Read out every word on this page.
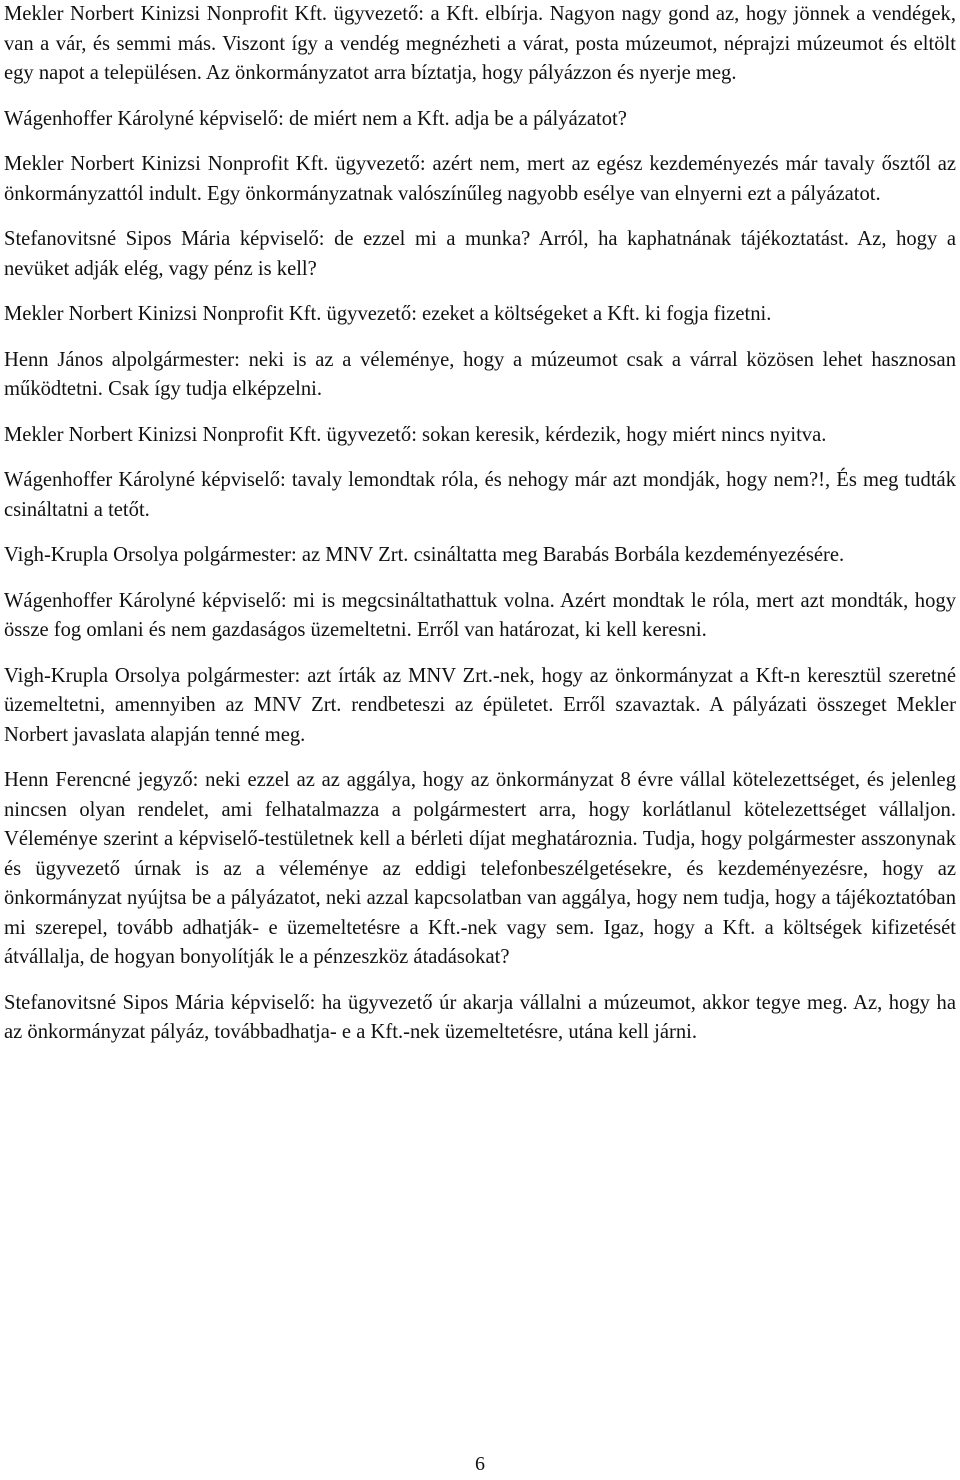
Mekler Norbert Kinizsi Nonprofit Kft. ügyvezető: a Kft. elbírja. Nagyon nagy gond az, hogy jönnek a vendégek, van a vár, és semmi más. Viszont így a vendég megnézheti a várat, posta múzeumot, néprajzi múzeumot és eltölt egy napot a településen. Az önkormányzatot arra bíztatja, hogy pályázzon és nyerje meg.

Wágenhoffer Károlyné képviselő: de miért nem a Kft. adja be a pályázatot?

Mekler Norbert Kinizsi Nonprofit Kft. ügyvezető: azért nem, mert az egész kezdeményezés már tavaly ősztől az önkormányzattól indult. Egy önkormányzatnak valószínűleg nagyobb esélye van elnyerni ezt a pályázatot.

Stefanovitsné Sipos Mária képviselő: de ezzel mi a munka? Arról, ha kaphatnának tájékoztatást. Az, hogy a nevüket adják elég, vagy pénz is kell?

Mekler Norbert Kinizsi Nonprofit Kft. ügyvezető: ezeket a költségeket a Kft. ki fogja fizetni.

Henn János alpolgármester: neki is az a véleménye, hogy a múzeumot csak a várral közösen lehet hasznosan működtetni. Csak így tudja elképzelni.

Mekler Norbert Kinizsi Nonprofit Kft. ügyvezető: sokan keresik, kérdezik, hogy miért nincs nyitva.

Wágenhoffer Károlyné képviselő: tavaly lemondtak róla, és nehogy már azt mondják, hogy nem?!, És meg tudták csináltatni a tetőt.

Vigh-Krupla Orsolya polgármester: az MNV Zrt. csináltatta meg Barabás Borbála kezdeményezésére.

Wágenhoffer Károlyné képviselő: mi is megcsináltathattuk volna. Azért mondtak le róla, mert azt mondták, hogy össze fog omlani és nem gazdaságos üzemeltetni. Erről van határozat, ki kell keresni.

Vigh-Krupla Orsolya polgármester: azt írták az MNV Zrt.-nek, hogy az önkormányzat a Kft-n keresztül szeretné üzemeltetni, amennyiben az MNV Zrt. rendbeteszi az épületet. Erről szavaztak. A pályázati összeget Mekler Norbert javaslata alapján tenné meg.

Henn Ferencné jegyző: neki ezzel az az aggálya, hogy az önkormányzat 8 évre vállal kötelezettséget, és jelenleg nincsen olyan rendelet, ami felhatalmazza a polgármestert arra, hogy korlátlanul kötelezettséget vállaljon. Véleménye szerint a képviselő-testületnek kell a bérleti díjat meghatároznia. Tudja, hogy polgármester asszonynak és ügyvezető úrnak is az a véleménye az eddigi telefonbeszélgetésekre, és kezdeményezésre, hogy az önkormányzat nyújtsa be a pályázatot, neki azzal kapcsolatban van aggálya, hogy nem tudja, hogy a tájékoztatóban mi szerepel, tovább adhatják- e üzemeltetésre a Kft.-nek vagy sem. Igaz, hogy a Kft. a költségek kifizetését átvállalja, de hogyan bonyolítják le a pénzeszköz átadásokat?

Stefanovitsné Sipos Mária képviselő: ha ügyvezető úr akarja vállalni a múzeumot, akkor tegye meg. Az, hogy ha az önkormányzat pályáz, továbbadhatja- e a Kft.-nek üzemeltetésre, utána kell járni.

6
